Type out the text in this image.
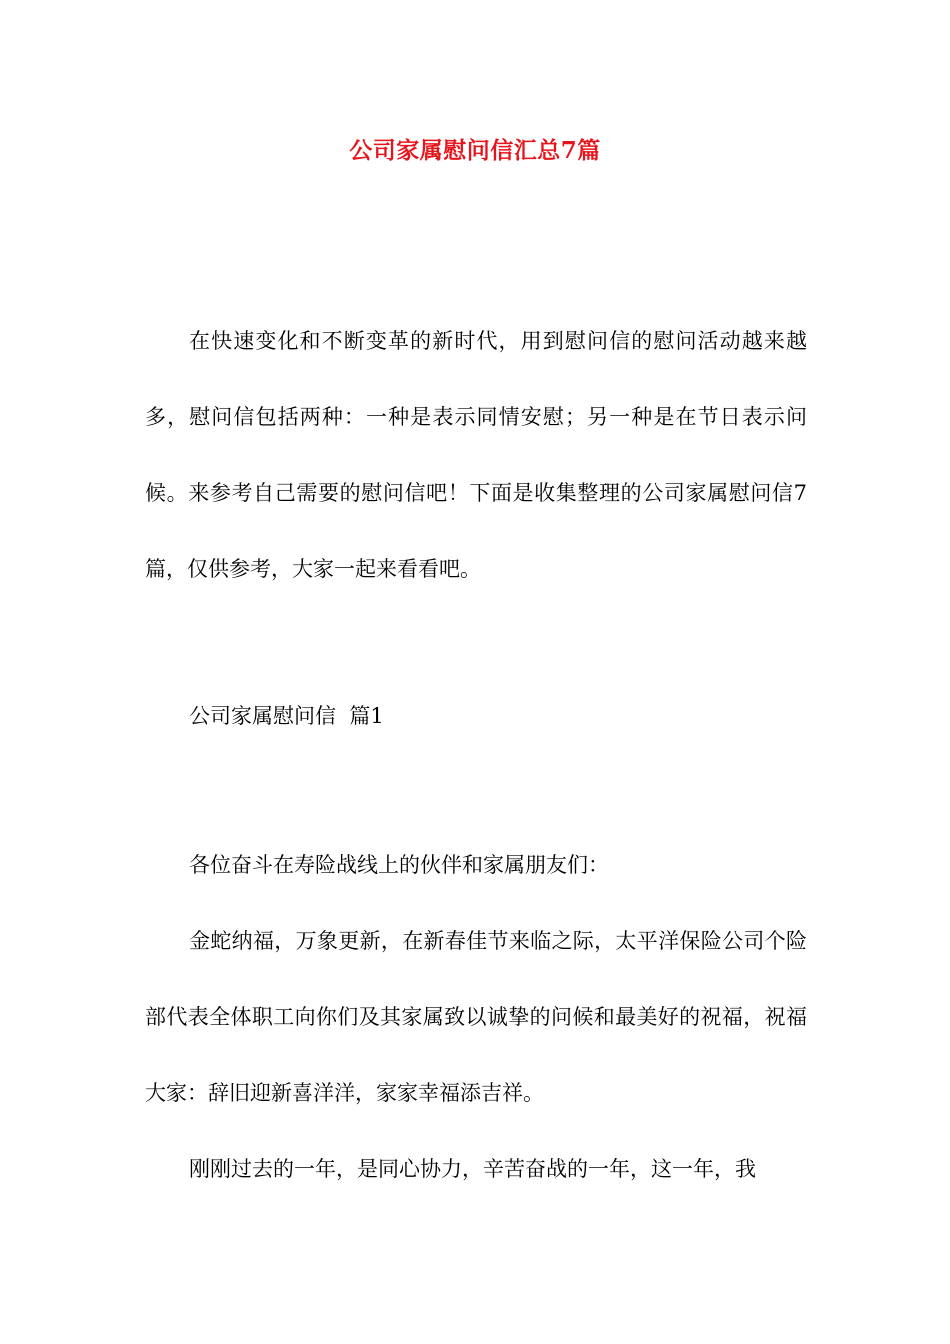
公司家属慰问信汇总7篇

在快速变化和不断变革的新时代，用到慰问信的慰问活动越来越多，慰问信包括两种：一种是表示同情安慰；另一种是在节日表示问候。来参考自己需要的慰问信吧！下面是收集整理的公司家属慰问信7篇，仅供参考，大家一起来看看吧。

公司家属慰问信  篇1

各位奋斗在寿险战线上的伙伴和家属朋友们：

金蛇纳福，万象更新，在新春佳节来临之际，太平洋保险公司个险部代表全体职工向你们及其家属致以诚挚的问候和最美好的祝福，祝福大家：辞旧迎新喜洋洋，家家幸福添吉祥。

刚刚过去的一年，是同心协力，辛苦奋战的一年，这一年，我
